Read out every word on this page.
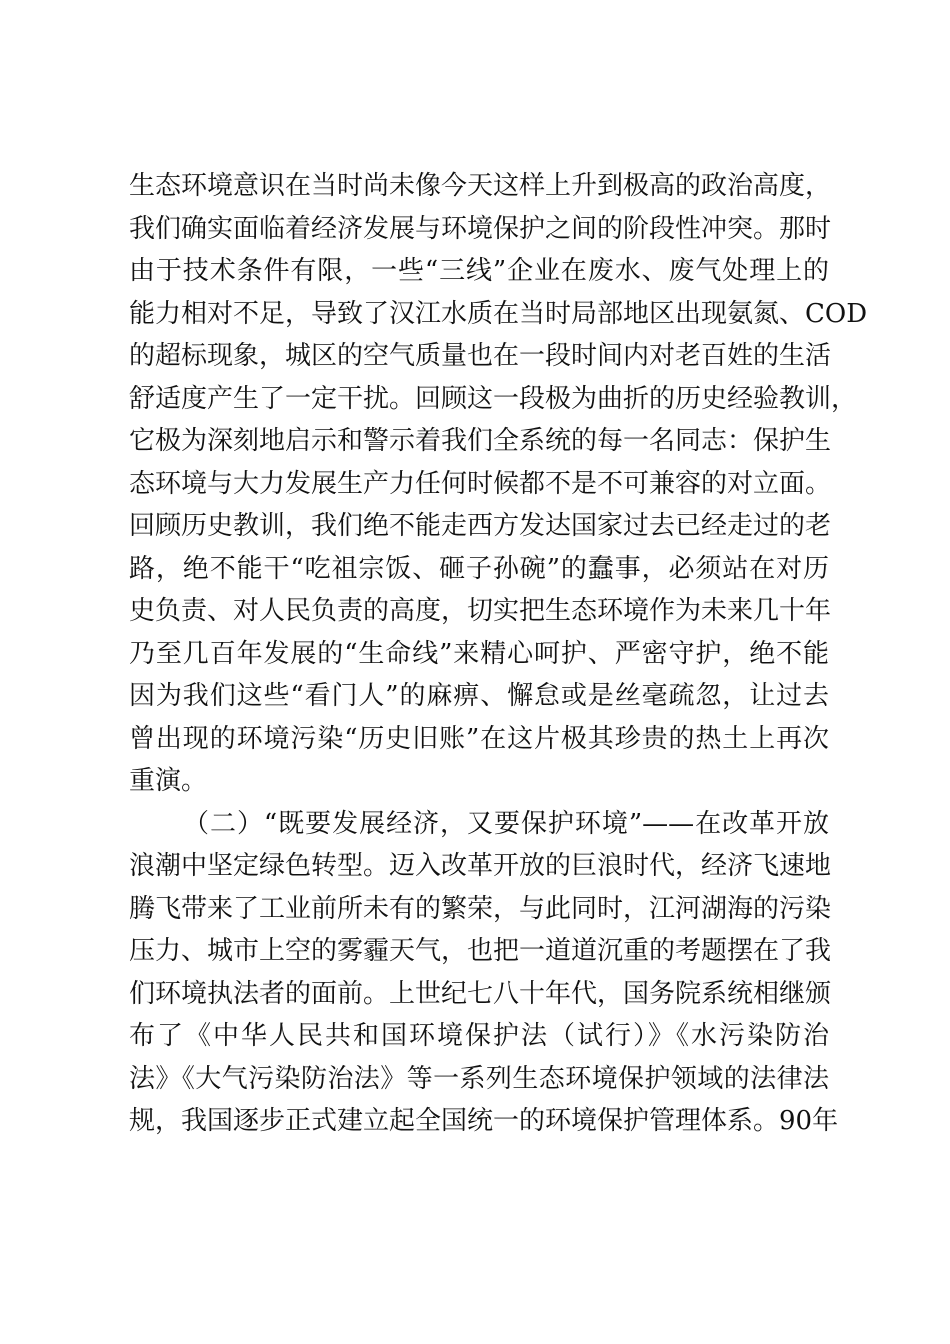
生态环境意识在当时尚未像今天这样上升到极高的政治高度，
我们确实面临着经济发展与环境保护之间的阶段性冲突。那时
由于技术条件有限，一些“三线”企业在废水、废气处理上的
能力相对不足，导致了汉江水质在当时局部地区出现氨氮、COD
的超标现象，城区的空气质量也在一段时间内对老百姓的生活
舒适度产生了一定干扰。回顾这一段极为曲折的历史经验教训，
它极为深刻地启示和警示着我们全系统的每一名同志：保护生
态环境与大力发展生产力任何时候都不是不可兼容的对立面。
回顾历史教训，我们绝不能走西方发达国家过去已经走过的老
路，绝不能干“吃祖宗饭、砸子孙碗”的蠢事，必须站在对历
史负责、对人民负责的高度，切实把生态环境作为未来几十年
乃至几百年发展的“生命线”来精心呵护、严密守护，绝不能
因为我们这些“看门人”的麻痹、懈怠或是丝毫疏忽，让过去
曾出现的环境污染“历史旧账”在这片极其珍贵的热土上再次
重演。
（二）“既要发展经济，又要保护环境”——在改革开放
浪潮中坚定绿色转型。迈入改革开放的巨浪时代，经济飞速地
腾飞带来了工业前所未有的繁荣，与此同时，江河湖海的污染
压力、城市上空的雾霾天气，也把一道道沉重的考题摆在了我
们环境执法者的面前。上世纪七八十年代，国务院系统相继颁
布了《中华人民共和国环境保护法（试行）》《水污染防治
法》《大气污染防治法》等一系列生态环境保护领域的法律法
规，我国逐步正式建立起全国统一的环境保护管理体系。90年
